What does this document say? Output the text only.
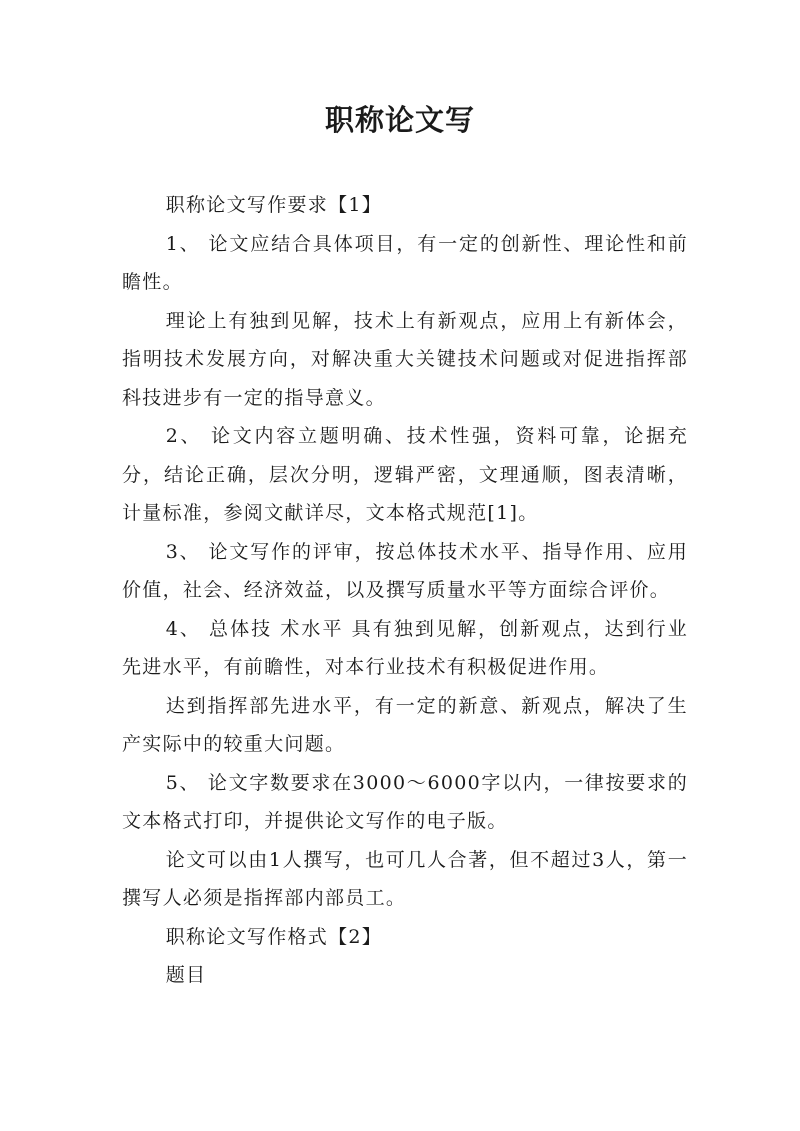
职称论文写

职称论文写作要求【1】

1、 论文应结合具体项目，有一定的创新性、理论性和前瞻性。

理论上有独到见解，技术上有新观点，应用上有新体会，指明技术发展方向，对解决重大关键技术问题或对促进指挥部科技进步有一定的指导意义。

2、 论文内容立题明确、技术性强，资料可靠，论据充分，结论正确，层次分明，逻辑严密，文理通顺，图表清晰，计量标准，参阅文献详尽，文本格式规范[1]。

3、 论文写作的评审，按总体技术水平、指导作用、应用价值，社会、经济效益，以及撰写质量水平等方面综合评价。

4、 总体技 术水平 具有独到见解，创新观点，达到行业先进水平，有前瞻性，对本行业技术有积极促进作用。

达到指挥部先进水平，有一定的新意、新观点，解决了生产实际中的较重大问题。

5、 论文字数要求在3000～6000字以内，一律按要求的文本格式打印，并提供论文写作的电子版。

论文可以由1人撰写，也可几人合著，但不超过3人，第一撰写人必须是指挥部内部员工。

职称论文写作格式【2】

题目
